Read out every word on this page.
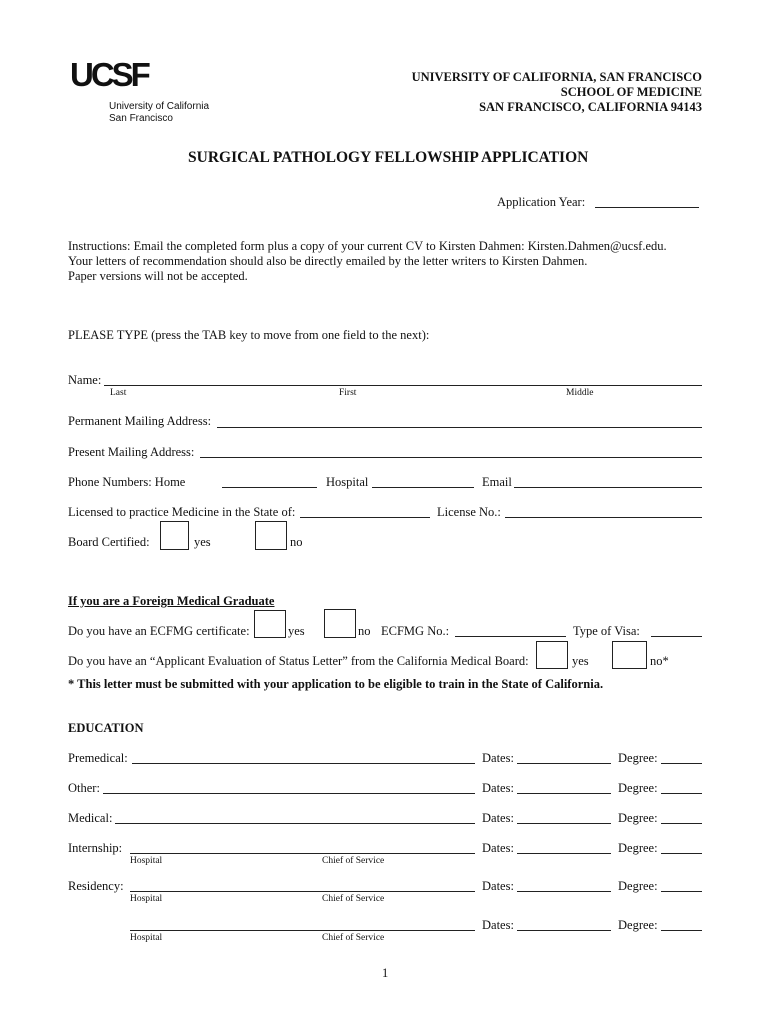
UCSF
University of California
San Francisco
UNIVERSITY OF CALIFORNIA, SAN FRANCISCO
SCHOOL OF MEDICINE
SAN FRANCISCO, CALIFORNIA 94143
SURGICAL PATHOLOGY FELLOWSHIP APPLICATION
Application Year:
Instructions: Email the completed form plus a copy of your current CV to Kirsten Dahmen: Kirsten.Dahmen@ucsf.edu.
Your letters of recommendation should also be directly emailed by the letter writers to Kirsten Dahmen.
Paper versions will not be accepted.
PLEASE TYPE (press the TAB key to move from one field to the next):
Name:
Last	First	Middle
Permanent Mailing Address:
Present Mailing Address:
Phone Numbers: Home	Hospital	Email
Licensed to practice Medicine in the State of:	License No.:
Board Certified:	yes	no
If you are a Foreign Medical Graduate
Do you have an ECFMG certificate:	yes	no ECFMG No.:	Type of Visa:
Do you have an “Applicant Evaluation of Status Letter” from the California Medical Board:	yes	no*
* This letter must be submitted with your application to be eligible to train in the State of California.
EDUCATION
Premedical:	Dates:	Degree:
Other:	Dates:	Degree:
Medical:	Dates:	Degree:
Internship:	Dates:	Degree:
Hospital	Chief of Service
Residency:	Dates:	Degree:
Hospital	Chief of Service
Dates:	Degree:
Hospital	Chief of Service
1
